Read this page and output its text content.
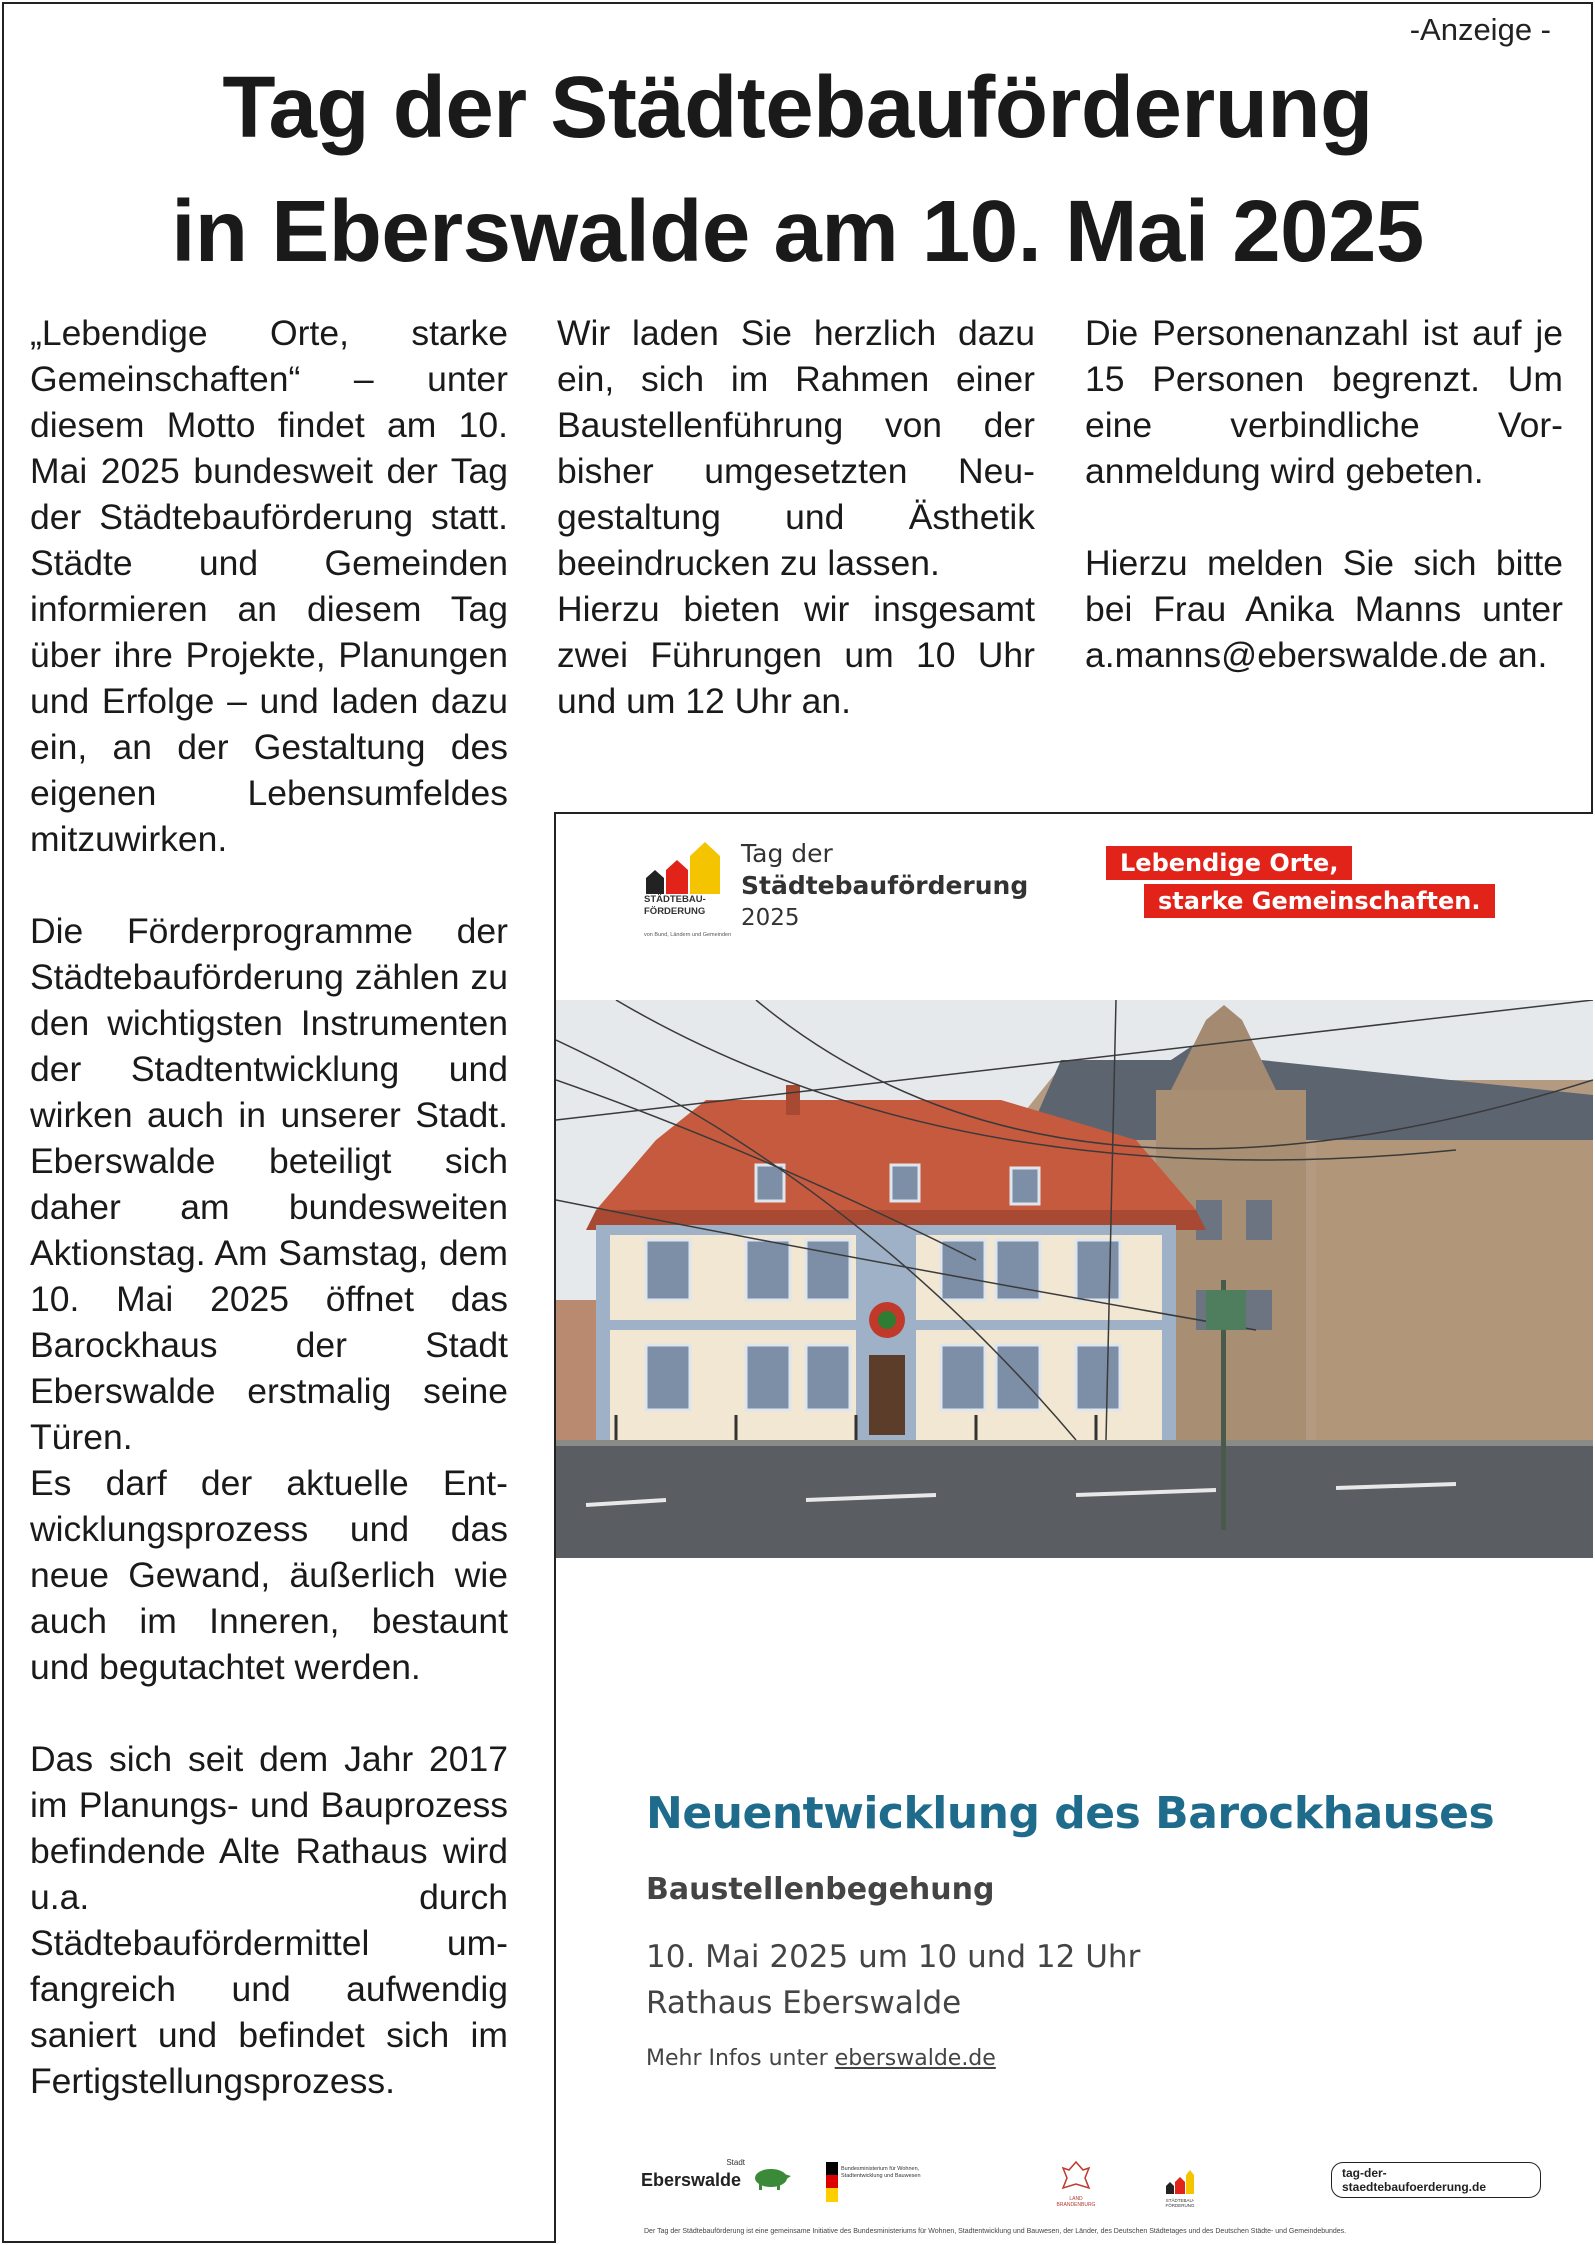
-Anzeige -
Tag der Städtebauförderung
in Eberswalde am 10. Mai 2025

„Lebendige Orte, starke Gemeinschaften“ – unter diesem Motto findet am 10. Mai 2025 bundesweit der Tag der Städtebauförderung statt. Städte und Gemeinden informieren an diesem Tag über ihre Projekte, Planungen und Erfolge – und laden dazu ein, an der Gestaltung des eigenen Lebensumfeldes mitzuwirken.

Die Förderprogramme der Städtebauförderung zählen zu den wichtigsten Instrumenten der Stadtentwicklung und wirken auch in unserer Stadt. Eberswalde beteiligt sich daher am bundesweiten Aktionstag. Am Samstag, dem 10. Mai 2025 öffnet das Barockhaus der Stadt Eberswalde erstmalig seine Türen.

Es darf der aktuelle Entwicklungsprozess und das neue Gewand, äußerlich wie auch im Inneren, bestaunt und begutachtet werden.

Das sich seit dem Jahr 2017 im Planungs- und Bauprozess befindende Alte Rathaus wird u.a. durch Städtebaufördermittel umfangreich und aufwendig saniert und befindet sich im Fertigstellungsprozess.

Wir laden Sie herzlich dazu ein, sich im Rahmen einer Baustellenführung von der bisher umgesetzten Neugestaltung und Ästhetik beeindrucken zu lassen.

Hierzu bieten wir insgesamt zwei Führungen um 10 Uhr und um 12 Uhr an.

Die Personenanzahl ist auf je 15 Personen begrenzt. Um eine verbindliche Voranmeldung wird gebeten.

Hierzu melden Sie sich bitte bei Frau Anika Manns unter a.manns@eberswalde.de an.

STÄDTEBAU-
FÖRDERUNG
von Bund, Ländern und Gemeinden
Tag der
Städtebauförderung
2025
Lebendige Orte,
starke Gemeinschaften.
Neuentwicklung des Barockhauses
Baustellenbegehung
10. Mai 2025 um 10 und 12 Uhr
Rathaus Eberswalde
Mehr Infos unter eberswalde.de
Stadt
Eberswalde
Bundesministerium für Wohnen, Stadtentwicklung und Bauwesen
LAND BRANDENBURG
STÄDTEBAU-FÖRDERUNG
tag-der-staedtebaufoerderung.de
Der Tag der Städtebauförderung ist eine gemeinsame Initiative des Bundesministeriums für Wohnen, Stadtentwicklung und Bauwesen, der Länder, des Deutschen Städtetages und des Deutschen Städte- und Gemeindebundes.
